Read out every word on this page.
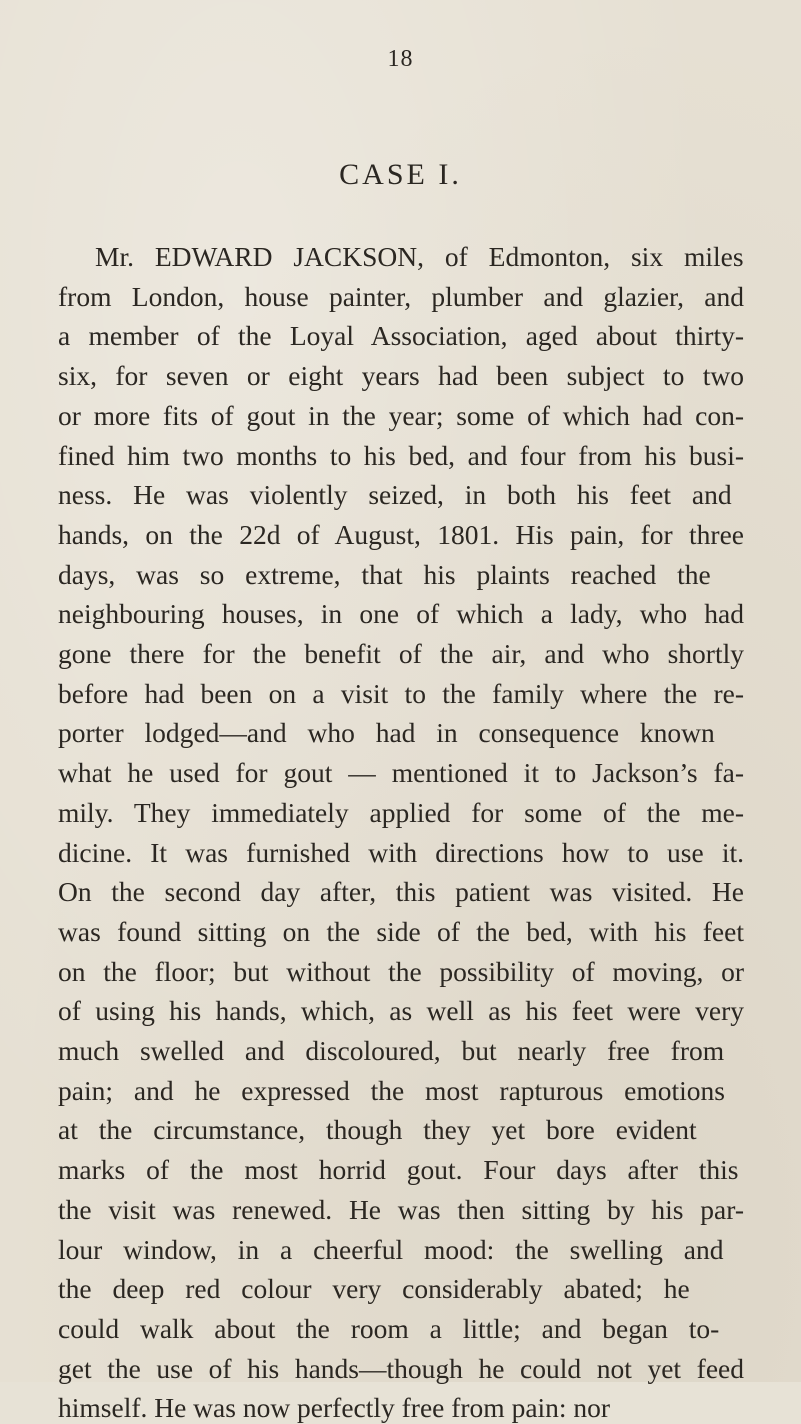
18
CASE I.
Mr. EDWARD JACKSON, of Edmonton, six miles
from London, house painter, plumber and glazier, and
a member of the Loyal Association, aged about thirty-
six, for seven or eight years had been subject to two
or more fits of gout in the year; some of which had con-
fined him two months to his bed, and four from his busi-
ness. He was violently seized, in both his feet and
hands, on the 22d of August, 1801. His pain, for three
days, was so extreme, that his plaints reached the
neighbouring houses, in one of which a lady, who had
gone there for the benefit of the air, and who shortly
before had been on a visit to the family where the re-
porter lodged—and who had in consequence known
what he used for gout — mentioned it to Jackson’s fa-
mily. They immediately applied for some of the me-
dicine. It was furnished with directions how to use it.
On the second day after, this patient was visited. He
was found sitting on the side of the bed, with his feet
on the floor; but without the possibility of moving, or
of using his hands, which, as well as his feet were very
much swelled and discoloured, but nearly free from
pain; and he expressed the most rapturous emotions
at the circumstance, though they yet bore evident
marks of the most horrid gout. Four days after this
the visit was renewed. He was then sitting by his par-
lour window, in a cheerful mood: the swelling and
the deep red colour very considerably abated; he
could walk about the room a little; and began to-
get the use of his hands—though he could not yet feed
himself. He was now perfectly free from pain: nor
